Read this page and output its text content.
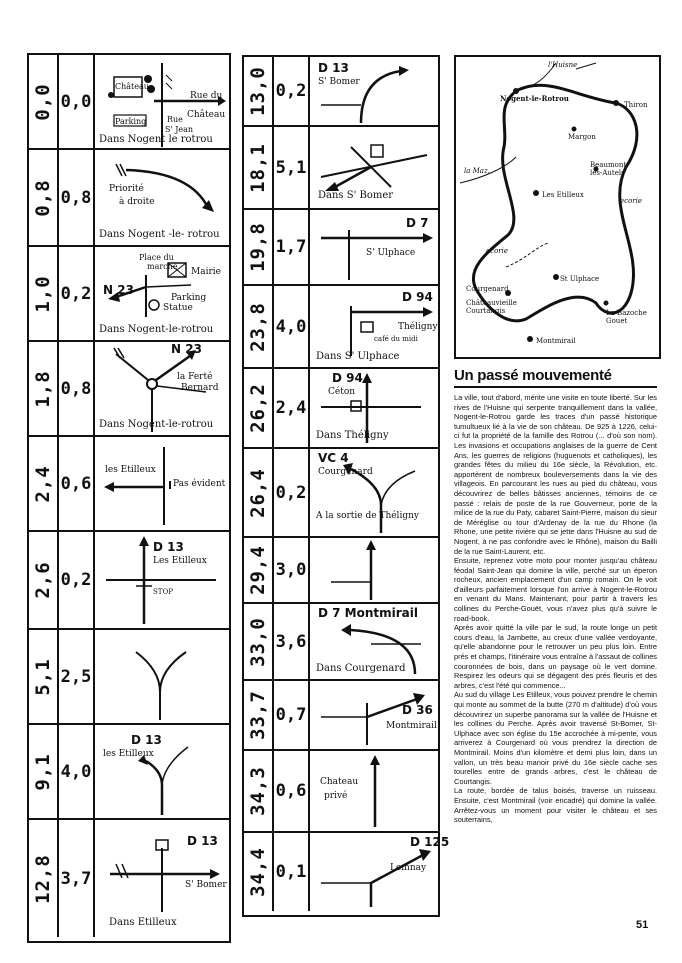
0,0 0,0
Château
Rue du
Château
Parking	Rue
S' Jean
Dans Nogent le rotrou
0,8 0,8 Priorité
à droite
Dans Nogent -le- rotrou
1,0 0,2
Place du
marché
Mairie
N 23
Parking
Statue
Dans Nogent-le-rotrou
1,8 0,8
N 23
la Ferté
Bernard
Dans Nogent-le-rotrou
2,4 0,6
les Etilleux
Pas évident
2,6 0,2
D 13
Les Etilleux
STOP
5,1 2,5
9,1 4,0
D 13
les Etilleux
12,8 3,7
D 13
S' Bomer
Dans Etilleux
13,0 0,2
D 13
S' Bomer
18,1 5,1
Dans S' Bomer
19,8 1,7
D 7
S' Ulphace
23,8 4,0
D 94
Théligny
café du midi
Dans S' Ulphace
26,2 2,4
D 94
Céton
Dans Théligny
26,4 0,2
VC 4
Courgenard
A la sortie de Théligny
29,4 3,0
33,0 3,6
D 7 Montmirail
Dans Courgenard
33,7 0,7	D 36
Montmirail
34,3 0,6 Chateau
privé
34,4 0,1
D 125
Lemnay
l'Huisne
Nogent-le-Rotrou
Thiron
Margon
la Maz.
Beaumont-les-Autels
Les Etilleux
ecorie
St Ulphace
Courgenard
Châteauvieille Courtangis	La Bazoche Gouet
Montmirail
ecorie
Un passé mouvementé
La ville, tout d'abord, mérite une visite en toute liberté. Sur les rives de l'Huisne qui serpente tranquillement dans la vallée, Nogent-le-Rotrou garde les traces d'un passé historique tumultueux lié à la vie de son château. De 925 à 1226, celui-ci fut la propriété de la famille des Rotrou (... d'où son nom). Les invasions et occupations anglaises de la guerre de Cent Ans, les guerres de religions (huguenots et catholiques), les grandes fêtes du milieu du 16e siècle, la Révolution, etc. apportèrent de nombreux bouleversements dans la vie des villageois. En parcourant les rues au pied du château, vous découvrirez de belles bâtisses anciennes, témoins de ce passé : relais de poste de la rue Gouverneur, porte de la milice de la rue du Paty, cabaret Saint-Pierre, maison du sieur de Méréglise ou tour d'Ardenay de la rue du Rhone (la Rhone, une petite rivière qui se jette dans l'Huisne au sud de Nogent, à ne pas confondre avec le Rhône), maison du Bailli de la rue Saint-Laurent, etc.
Ensuite, reprenez votre moto pour monter jusqu'au château féodal Saint-Jean qui domine la ville, perché sur un éperon rocheux, ancien emplacement d'un camp romain. On le voit d'ailleurs parfaitement lorsque l'on arrive à Nogent-le-Rotrou en venant du Mans. Maintenant, pour partir à travers les collines du Perche-Gouët, vous n'avez plus qu'à suivre le road-book.
Après avoir quitté la ville par le sud, la route longe un petit cours d'eau, la Jambette, au creux d'une vallée verdoyante, qu'elle abandonne pour le retrouver un peu plus loin. Entre prés et champs, l'itinéraire vous entraîne à l'assaut de collines couronnées de bois, dans un paysage où le vert domine. Respirez les odeurs qui se dégagent des prés fleuris et des arbres, c'est l'été qui commence...
Au sud du village Les Etilleux, vous pouvez prendre le chemin qui monte au sommet de la butte (270 m d'altitude) d'où vous découvrirez un superbe panorama sur la vallée de l'Huisne et les collines du Perche. Après avoir traversé St-Bomer, St-Ulphace avec son église du 15e accrochée à mi-pente, vous arriverez à Courgenard où vous prendrez la direction de Montmirail. Moins d'un kilomètre et demi plus loin, dans un vallon, un très beau manoir privé du 16e siècle cache ses tourelles entre de grands arbres, c'est le château de Courtangis.
La route, bordée de talus boisés, traverse un ruisseau. Ensuite, c'est Montmirail (voir encadré) qui domine la vallée. Arrêtez-vous un moment pour visiter le château et ses souterrains,
51
